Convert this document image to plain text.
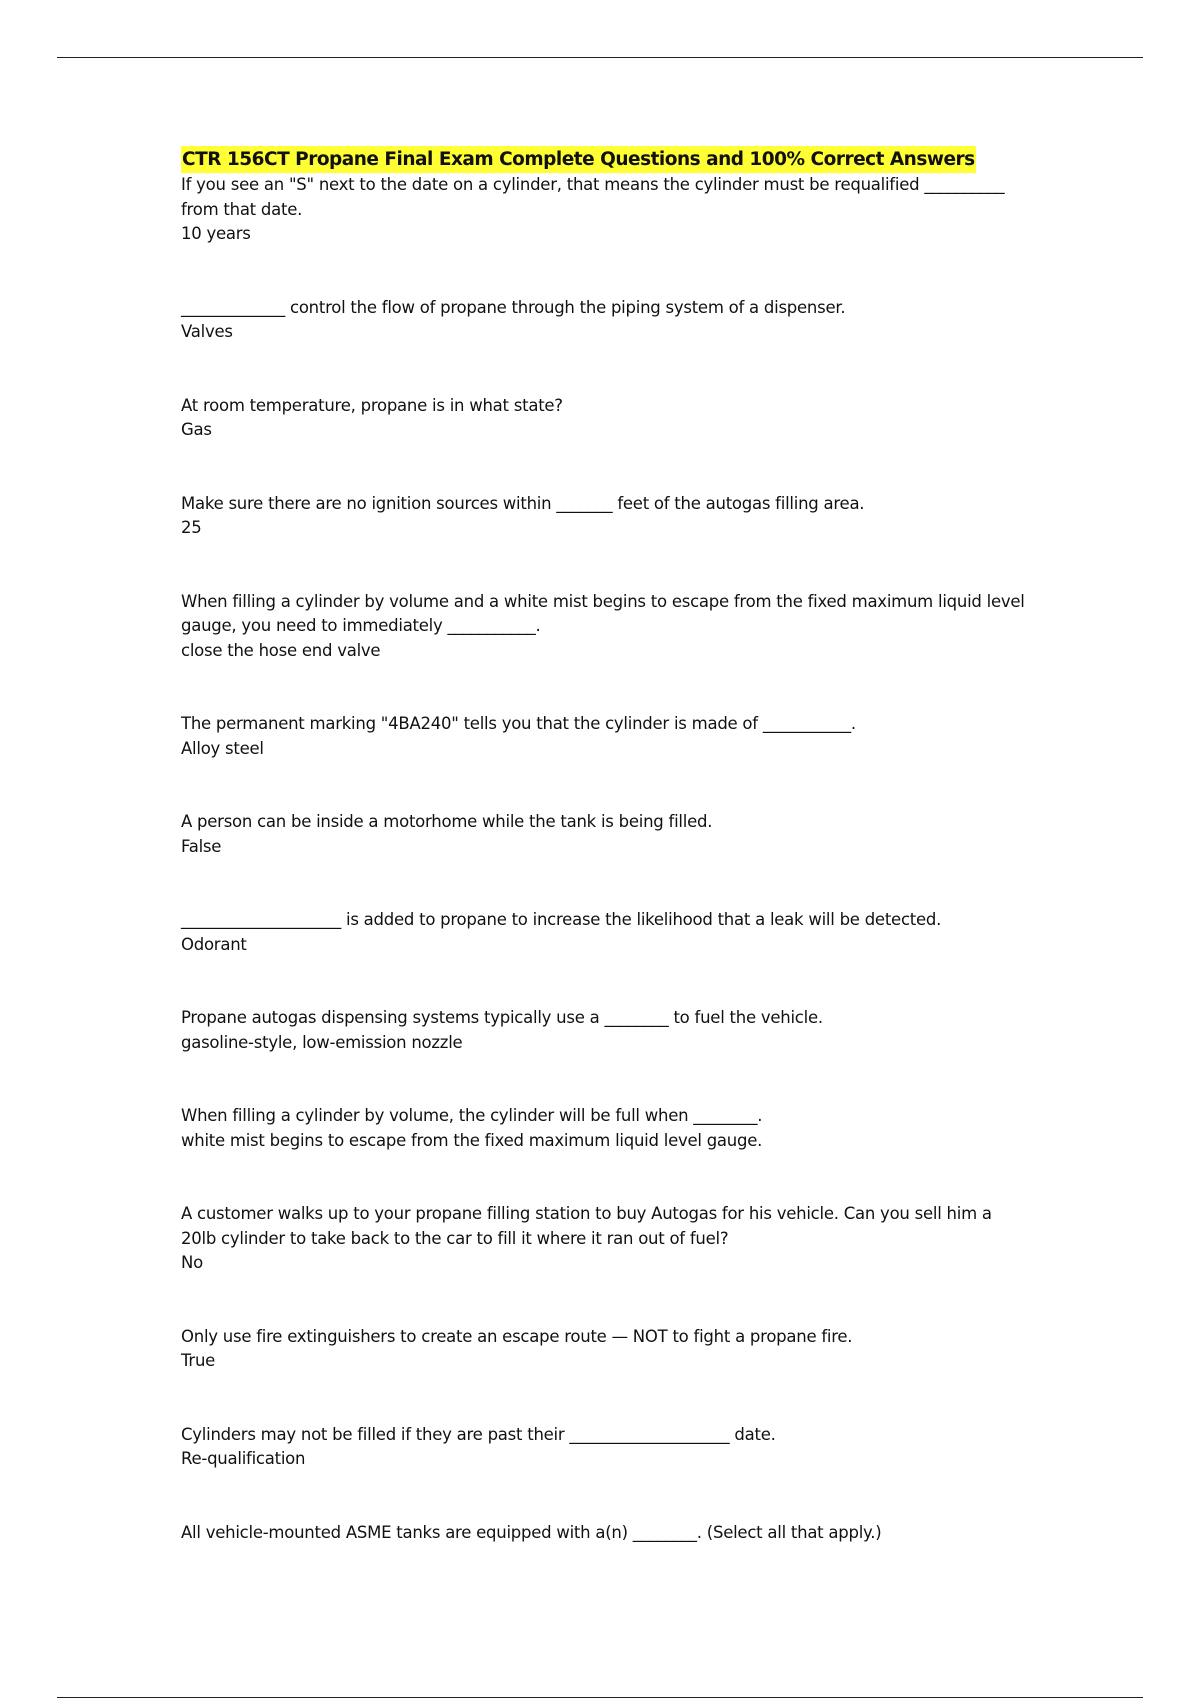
CTR 156CT Propane Final Exam Complete Questions and 100% Correct Answers

If you see an "S" next to the date on a cylinder, that means the cylinder must be requalified __________ from that date.

10 years

_____________ control the flow of propane through the piping system of a dispenser.

Valves

At room temperature, propane is in what state?

Gas

Make sure there are no ignition sources within _______ feet of the autogas filling area.

25

When filling a cylinder by volume and a white mist begins to escape from the fixed maximum liquid level gauge, you need to immediately ___________.

close the hose end valve

The permanent marking "4BA240" tells you that the cylinder is made of ___________.

Alloy steel

A person can be inside a motorhome while the tank is being filled.

False

____________________ is added to propane to increase the likelihood that a leak will be detected.

Odorant

Propane autogas dispensing systems typically use a ________ to fuel the vehicle.

gasoline-style, low-emission nozzle

When filling a cylinder by volume, the cylinder will be full when ________.

white mist begins to escape from the fixed maximum liquid level gauge.

A customer walks up to your propane filling station to buy Autogas for his vehicle. Can you sell him a 20lb cylinder to take back to the car to fill it where it ran out of fuel?

No

Only use fire extinguishers to create an escape route — NOT to fight a propane fire.

True

Cylinders may not be filled if they are past their ____________________ date.

Re-qualification

All vehicle-mounted ASME tanks are equipped with a(n) ________. (Select all that apply.)
